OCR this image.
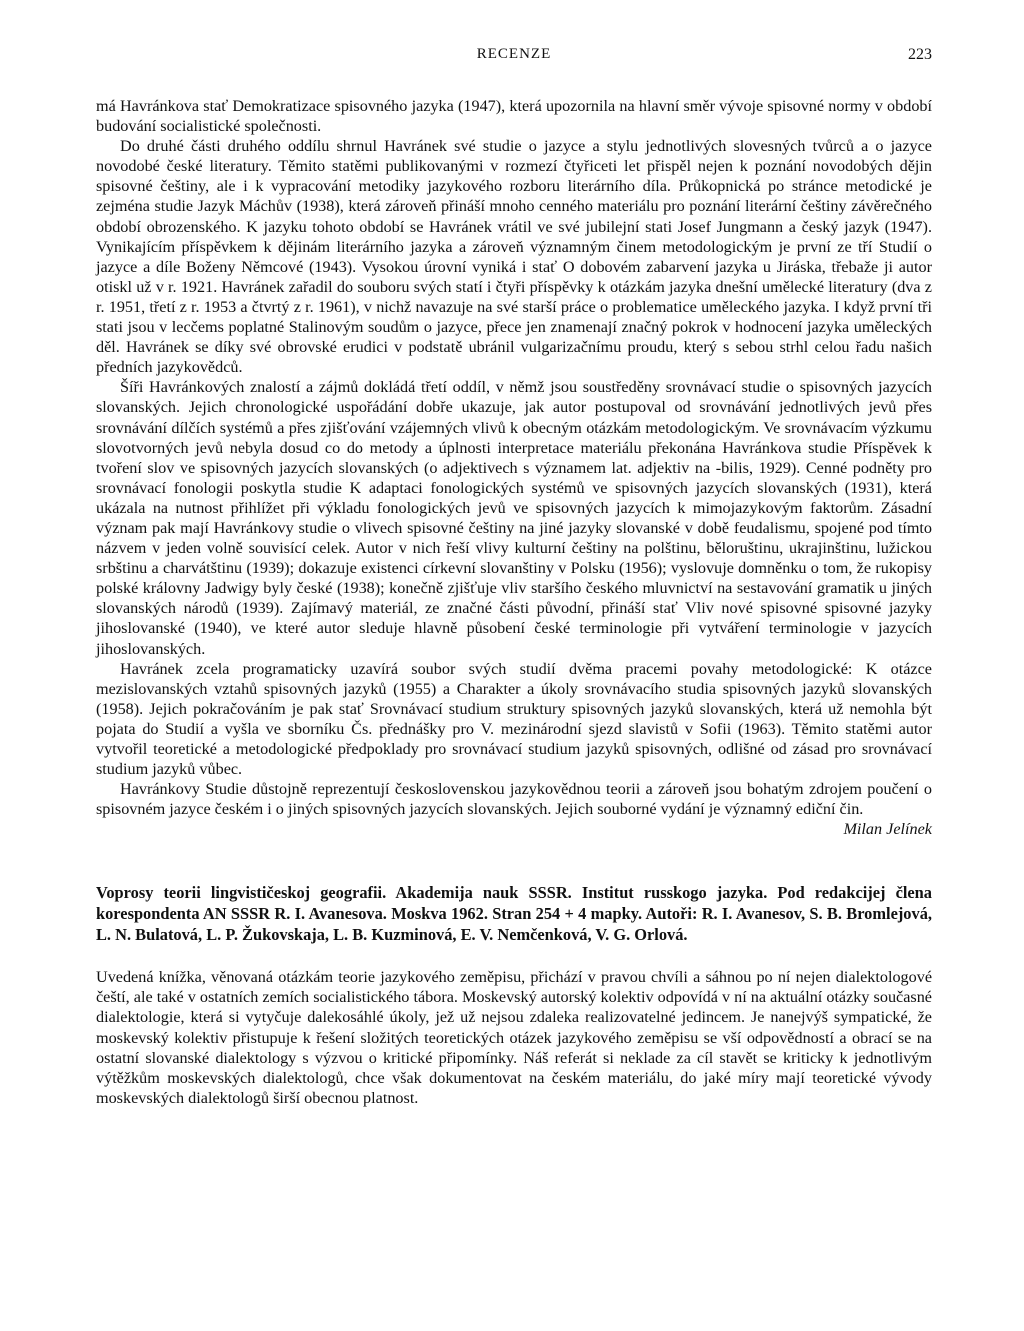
RECENZE	223

má Havránkova stať Demokratizace spisovného jazyka (1947), která upozornila na hlavní směr vývoje spisovné normy v období budování socialistické společnosti.

Do druhé části druhého oddílu shrnul Havránek své studie o jazyce a stylu jednotlivých slovesných tvůrců a o jazyce novodobé české literatury. Těmito statěmi publikovanými v rozmezí čtyřiceti let přispěl nejen k poznání novodobých dějin spisovné češtiny, ale i k vypracování metodiky jazykového rozboru literárního díla. Průkopnická po stránce metodické je zejména studie Jazyk Máchův (1938), která zároveň přináší mnoho cenného materiálu pro poznání literární češtiny závěrečného období obrozenského. K jazyku tohoto období se Havránek vrátil ve své jubilejní stati Josef Jungmann a český jazyk (1947). Vynikajícím příspěvkem k dějinám literárního jazyka a zároveň významným činem metodologickým je první ze tří Studií o jazyce a díle Boženy Němcové (1943). Vysokou úrovní vyniká i stať O dobovém zabarvení jazyka u Jiráska, třebaže ji autor otiskl už v r. 1921. Havránek zařadil do souboru svých statí i čtyři příspěvky k otázkám jazyka dnešní umělecké literatury (dva z r. 1951, třetí z r. 1953 a čtvrtý z r. 1961), v nichž navazuje na své starší práce o problematice uměleckého jazyka. I když první tři stati jsou v lecčems poplatné Stalinovým soudům o jazyce, přece jen znamenají značný pokrok v hodnocení jazyka uměleckých děl. Havránek se díky své obrovské erudici v podstatě ubránil vulgarizačnímu proudu, který s sebou strhl celou řadu našich předních jazykovědců.

Šíři Havránkových znalostí a zájmů dokládá třetí oddíl, v němž jsou soustředěny srovnávací studie o spisovných jazycích slovanských. Jejich chronologické uspořádání dobře ukazuje, jak autor postupoval od srovnávání jednotlivých jevů přes srovnávání dílčích systémů a přes zjišťování vzájemných vlivů k obecným otázkám metodologickým. Ve srovnávacím výzkumu slovotvorných jevů nebyla dosud co do metody a úplnosti interpretace materiálu překonána Havránkova studie Příspěvek k tvoření slov ve spisovných jazycích slovanských (o adjektivech s významem lat. adjektiv na -bilis, 1929). Cenné podněty pro srovnávací fonologii poskytla studie K adaptaci fonologických systémů ve spisovných jazycích slovanských (1931), která ukázala na nutnost přihlížet při výkladu fonologických jevů ve spisovných jazycích k mimojazykovým faktorům. Zásadní význam pak mají Havránkovy studie o vlivech spisovné češtiny na jiné jazyky slovanské v době feudalismu, spojené pod tímto názvem v jeden volně souvisící celek. Autor v nich řeší vlivy kulturní češtiny na polštinu, běloruštinu, ukrajinštinu, lužickou srbštinu a charvátštinu (1939); dokazuje existenci církevní slovanštiny v Polsku (1956); vyslovuje domněnku o tom, že rukopisy polské královny Jadwigy byly české (1938); konečně zjišťuje vliv staršího českého mluvnictví na sestavování gramatik u jiných slovanských národů (1939). Zajímavý materiál, ze značné části původní, přináší stať Vliv nové spisovné spisovné jazyky jihoslovanské (1940), ve které autor sleduje hlavně působení české terminologie při vytváření terminologie v jazycích jihoslovanských.

Havránek zcela programaticky uzavírá soubor svých studií dvěma pracemi povahy metodologické: K otázce mezislovanských vztahů spisovných jazyků (1955) a Charakter a úkoly srovnávacího studia spisovných jazyků slovanských (1958). Jejich pokračováním je pak stať Srovnávací studium struktury spisovných jazyků slovanských, která už nemohla být pojata do Studií a vyšla ve sborníku Čs. přednášky pro V. mezinárodní sjezd slavistů v Sofii (1963). Těmito statěmi autor vytvořil teoretické a metodologické předpoklady pro srovnávací studium jazyků spisovných, odlišné od zásad pro srovnávací studium jazyků vůbec.

Havránkovy Studie důstojně reprezentují československou jazykovědnou teorii a zároveň jsou bohatým zdrojem poučení o spisovném jazyce českém i o jiných spisovných jazycích slovanských. Jejich souborné vydání je významný ediční čin.
Milan Jelínek

Voprosy teorii lingvističeskoj geografii. Akademija nauk SSSR. Institut russkogo jazyka. Pod redakcijej člena korespondenta AN SSSR R. I. Avanesova. Moskva 1962. Stran 254 + 4 mapky. Autoři: R. I. Avanesov, S. B. Bromlejová, L. N. Bulatová, L. P. Žukovskaja, L. B. Kuzminová, E. V. Nemčenková, V. G. Orlová.

Uvedená knížka, věnovaná otázkám teorie jazykového zeměpisu, přichází v pravou chvíli a sáhnou po ní nejen dialektologové čeští, ale také v ostatních zemích socialistického tábora. Moskevský autorský kolektiv odpovídá v ní na aktuální otázky současné dialektologie, která si vytyčuje dalekosáhlé úkoly, jež už nejsou zdaleka realizovatelné jedincem. Je nanejvýš sympatické, že moskevský kolektiv přistupuje k řešení složitých teoretických otázek jazykového zeměpisu se vší odpovědností a obrací se na ostatní slovanské dialektology s výzvou o kritické připomínky. Náš referát si neklade za cíl stavět se kriticky k jednotlivým výtěžkům moskevských dialektologů, chce však dokumentovat na českém materiálu, do jaké míry mají teoretické vývody moskevských dialektologů širší obecnou platnost.
